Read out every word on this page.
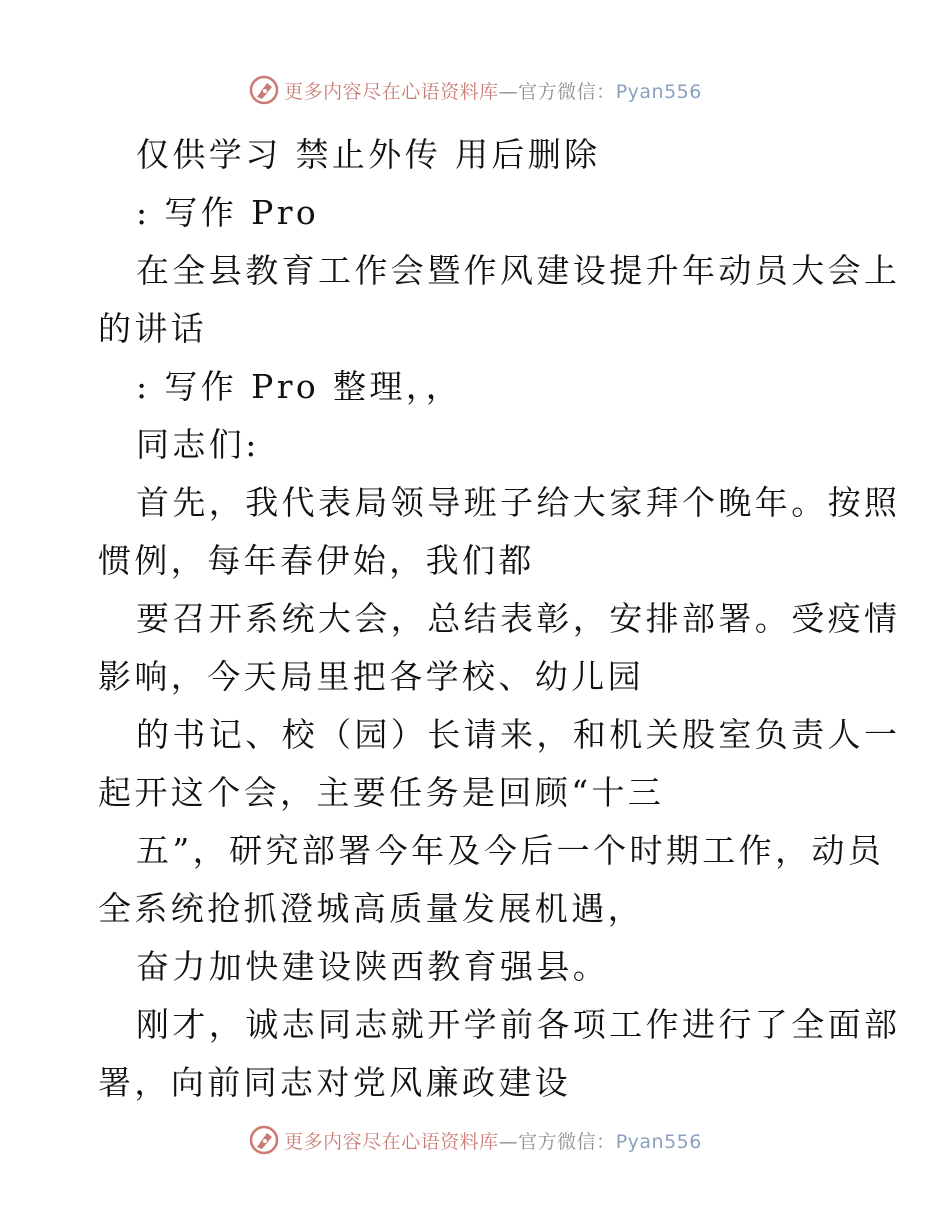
更多内容尽在心语资料库—官方微信：Pyan556
仅供学习 禁止外传 用后删除
: 写作 Pro
在全县教育工作会暨作风建设提升年动员大会上
的讲话
: 写作 Pro 整理，，
同志们:
首先，我代表局领导班子给大家拜个晚年。按照
惯例，每年春伊始，我们都
要召开系统大会，总结表彰，安排部署。受疫情
影响，今天局里把各学校、幼儿园
的书记、校（园）长请来，和机关股室负责人一
起开这个会，主要任务是回顾“十三
五”，研究部署今年及今后一个时期工作，动员
全系统抢抓澄城高质量发展机遇，
奋力加快建设陕西教育强县。
刚才，诚志同志就开学前各项工作进行了全面部
署，向前同志对党风廉政建设
更多内容尽在心语资料库—官方微信：Pyan556
